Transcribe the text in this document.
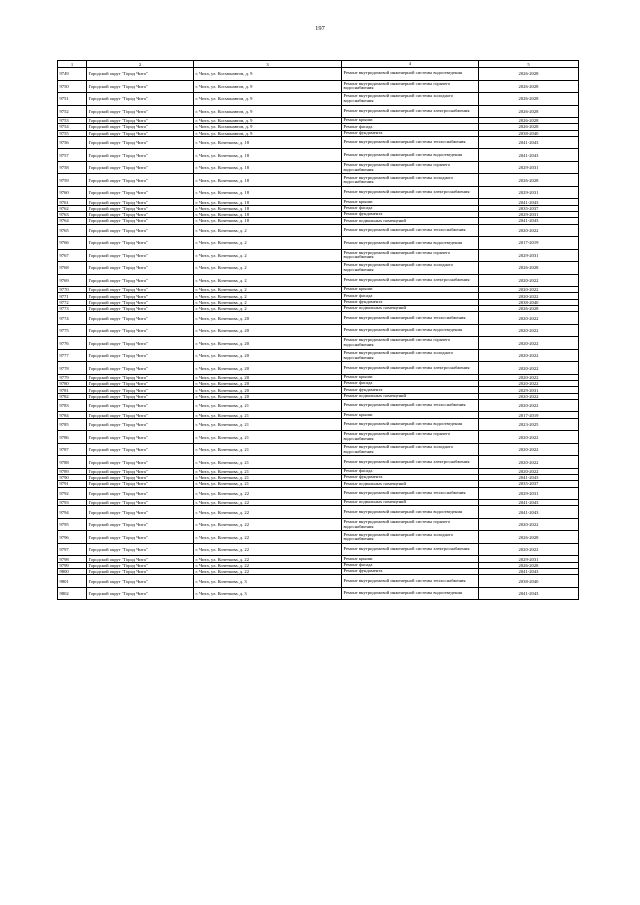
197
1	2	3	4	5
9749	Городской округ "Город Чита"	г. Чита, ул. Космонавтов, д. 9	Ремонт внутридомовой инженерной системы водоотведения	2026-2028
9750	Городской округ "Город Чита"	г. Чита, ул. Космонавтов, д. 9	Ремонт внутридомовой инженерной системы горячего водоснабжения	2026-2028
9751	Городской округ "Город Чита"	г. Чита, ул. Космонавтов, д. 9	Ремонт внутридомовой инженерной системы холодного водоснабжения	2026-2028
9752	Городской округ "Город Чита"	г. Чита, ул. Космонавтов, д. 9	Ремонт внутридомовой инженерной системы электроснабжения	2026-2028
9753	Городской округ "Город Чита"	г. Чита, ул. Космонавтов, д. 9	Ремонт крыши	2026-2028
9754	Городской округ "Город Чита"	г. Чита, ул. Космонавтов, д. 9	Ремонт фасада	2026-2028
9755	Городской округ "Город Чита"	г. Чита, ул. Космонавтов, д. 9	Ремонт фундамента	2038-2040
9756	Городской округ "Город Чита"	г. Чита, ул. Кочеткова, д. 18	Ремонт внутридомовой инженерной системы теплоснабжения	2041-2043
9757	Городской округ "Город Чита"	г. Чита, ул. Кочеткова, д. 18	Ремонт внутридомовой инженерной системы водоотведения	2041-2043
9758	Городской округ "Город Чита"	г. Чита, ул. Кочеткова, д. 18	Ремонт внутридомовой инженерной системы горячего водоснабжения	2029-2031
9759	Городской округ "Город Чита"	г. Чита, ул. Кочеткова, д. 18	Ремонт внутридомовой инженерной системы холодного водоснабжения	2026-2028
9760	Городской округ "Город Чита"	г. Чита, ул. Кочеткова, д. 18	Ремонт внутридомовой инженерной системы электроснабжения	2029-2031
9761	Городской округ "Город Чита"	г. Чита, ул. Кочеткова, д. 18	Ремонт крыши	2041-2043
9762	Городской округ "Город Чита"	г. Чита, ул. Кочеткова, д. 18	Ремонт фасада	2035-2037
9763	Городской округ "Город Чита"	г. Чита, ул. Кочеткова, д. 18	Ремонт фундамента	2029-2031
9764	Городской округ "Город Чита"	г. Чита, ул. Кочеткова, д. 18	Ремонт подвальных помещений	2041-2043
9765	Городской округ "Город Чита"	г. Чита, ул. Кочеткова, д. 2	Ремонт внутридомовой инженерной системы теплоснабжения	2020-2022
9766	Городской округ "Город Чита"	г. Чита, ул. Кочеткова, д. 2	Ремонт внутридомовой инженерной системы водоотведения	2017-2019
9767	Городской округ "Город Чита"	г. Чита, ул. Кочеткова, д. 2	Ремонт внутридомовой инженерной системы горячего водоснабжения	2029-2031
9768	Городской округ "Город Чита"	г. Чита, ул. Кочеткова, д. 2	Ремонт внутридомовой инженерной системы холодного водоснабжения	2026-2028
9769	Городской округ "Город Чита"	г. Чита, ул. Кочеткова, д. 2	Ремонт внутридомовой инженерной системы электроснабжения	2020-2022
9770	Городской округ "Город Чита"	г. Чита, ул. Кочеткова, д. 2	Ремонт крыши	2020-2022
9771	Городской округ "Город Чита"	г. Чита, ул. Кочеткова, д. 2	Ремонт фасада	2020-2022
9772	Городской округ "Город Чита"	г. Чита, ул. Кочеткова, д. 2	Ремонт фундамента	2038-2040
9773	Городской округ "Город Чита"	г. Чита, ул. Кочеткова, д. 2	Ремонт подвальных помещений	2026-2028
9774	Городской округ "Город Чита"	г. Чита, ул. Кочеткова, д. 20	Ремонт внутридомовой инженерной системы теплоснабжения	2020-2022
9775	Городской округ "Город Чита"	г. Чита, ул. Кочеткова, д. 20	Ремонт внутридомовой инженерной системы водоотведения	2020-2022
9776	Городской округ "Город Чита"	г. Чита, ул. Кочеткова, д. 20	Ремонт внутридомовой инженерной системы горячего водоснабжения	2020-2022
9777	Городской округ "Город Чита"	г. Чита, ул. Кочеткова, д. 20	Ремонт внутридомовой инженерной системы холодного водоснабжения	2020-2022
9778	Городской округ "Город Чита"	г. Чита, ул. Кочеткова, д. 20	Ремонт внутридомовой инженерной системы электроснабжения	2020-2022
9779	Городской округ "Город Чита"	г. Чита, ул. Кочеткова, д. 20	Ремонт крыши	2020-2022
9780	Городской округ "Город Чита"	г. Чита, ул. Кочеткова, д. 20	Ремонт фасада	2020-2022
9781	Городской округ "Город Чита"	г. Чита, ул. Кочеткова, д. 20	Ремонт фундамента	2029-2031
9782	Городской округ "Город Чита"	г. Чита, ул. Кочеткова, д. 20	Ремонт подвальных помещений	2020-2022
9783	Городской округ "Город Чита"	г. Чита, ул. Кочеткова, д. 21	Ремонт внутридомовой инженерной системы теплоснабжения	2020-2022
9784	Городской округ "Город Чита"	г. Чита, ул. Кочеткова, д. 21	Ремонт крыши	2017-2019
9785	Городской округ "Город Чита"	г. Чита, ул. Кочеткова, д. 21	Ремонт внутридомовой инженерной системы водоотведения	2023-2025
9786	Городской округ "Город Чита"	г. Чита, ул. Кочеткова, д. 21	Ремонт внутридомовой инженерной системы горячего водоснабжения	2020-2022
9787	Городской округ "Город Чита"	г. Чита, ул. Кочеткова, д. 21	Ремонт внутридомовой инженерной системы холодного водоснабжения	2020-2022
9788	Городской округ "Город Чита"	г. Чита, ул. Кочеткова, д. 21	Ремонт внутридомовой инженерной системы электроснабжения	2020-2022
9789	Городской округ "Город Чита"	г. Чита, ул. Кочеткова, д. 21	Ремонт фасада	2020-2022
9790	Городской округ "Город Чита"	г. Чита, ул. Кочеткова, д. 21	Ремонт фундамента	2041-2043
9791	Городской округ "Город Чита"	г. Чита, ул. Кочеткова, д. 21	Ремонт подвальных помещений	2035-2037
9792	Городской округ "Город Чита"	г. Чита, ул. Кочеткова, д. 22	Ремонт внутридомовой инженерной системы теплоснабжения	2029-2031
9793	Городской округ "Город Чита"	г. Чита, ул. Кочеткова, д. 22	Ремонт подвальных помещений	2041-2043
9794	Городской округ "Город Чита"	г. Чита, ул. Кочеткова, д. 22	Ремонт внутридомовой инженерной системы водоотведения	2041-2043
9795	Городской округ "Город Чита"	г. Чита, ул. Кочеткова, д. 22	Ремонт внутридомовой инженерной системы горячего водоснабжения	2020-2022
9796	Городской округ "Город Чита"	г. Чита, ул. Кочеткова, д. 22	Ремонт внутридомовой инженерной системы холодного водоснабжения	2026-2028
9797	Городской округ "Город Чита"	г. Чита, ул. Кочеткова, д. 22	Ремонт внутридомовой инженерной системы электроснабжения	2020-2022
9798	Городской округ "Город Чита"	г. Чита, ул. Кочеткова, д. 22	Ремонт крыши	2029-2031
9799	Городской округ "Город Чита"	г. Чита, ул. Кочеткова, д. 22	Ремонт фасада	2026-2028
9800	Городской округ "Город Чита"	г. Чита, ул. Кочеткова, д. 22	Ремонт фундамента	2041-2043
9801	Городской округ "Город Чита"	г. Чита, ул. Кочеткова, д. 3	Ремонт внутридомовой инженерной системы теплоснабжения	2038-2040
9802	Городской округ "Город Чита"	г. Чита, ул. Кочеткова, д. 3	Ремонт внутридомовой инженерной системы водоотведения	2041-2043
